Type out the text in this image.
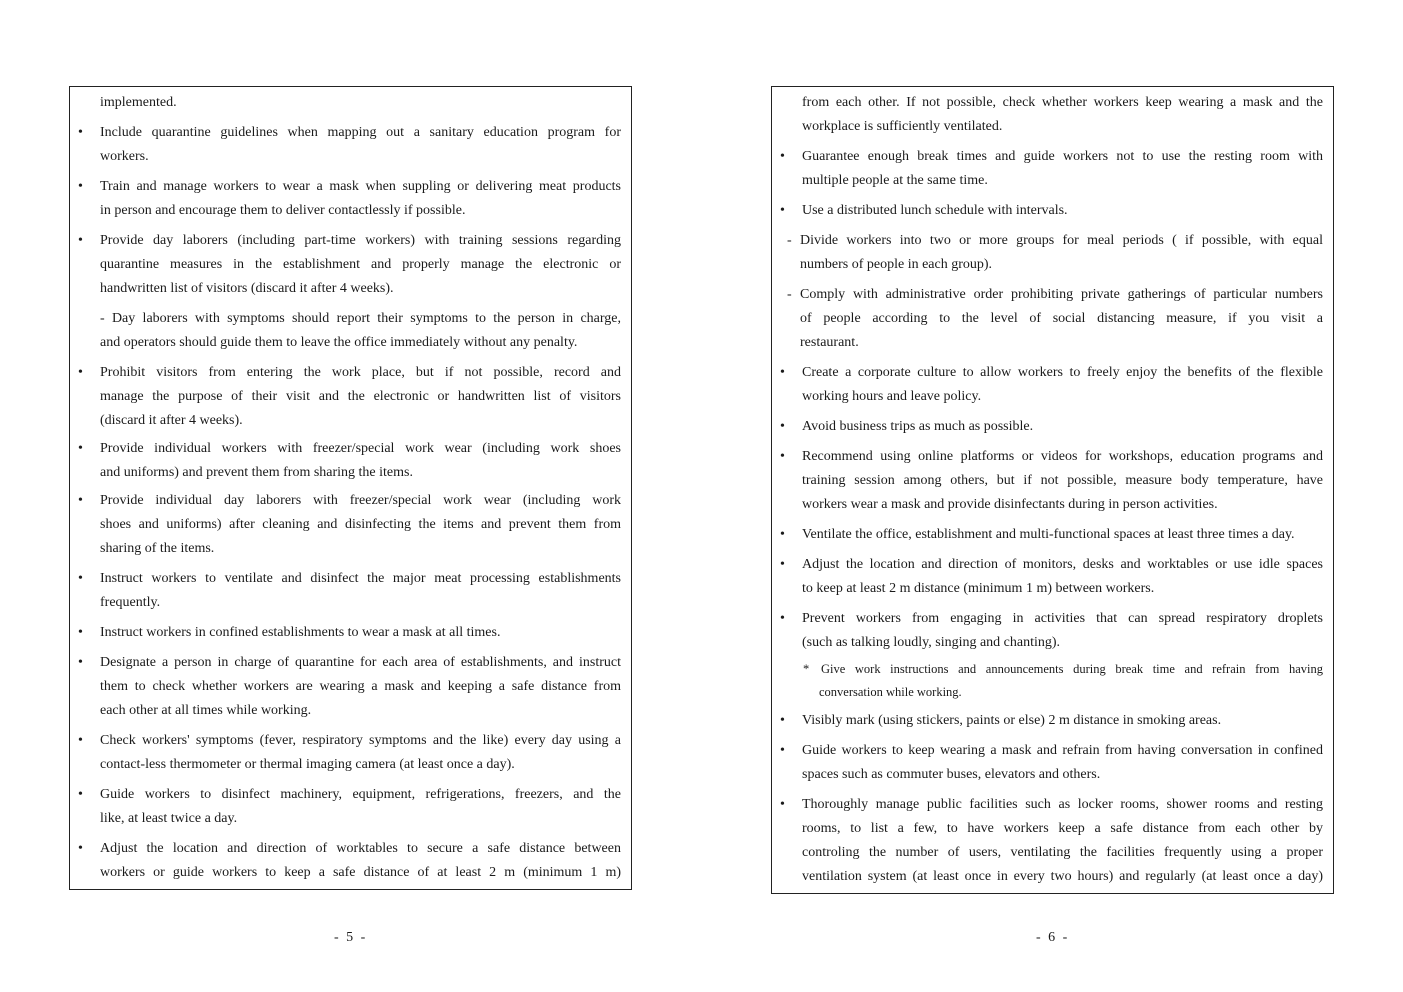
implemented.
• Include quarantine guidelines when mapping out a sanitary education program for
workers.
• Train and manage workers to wear a mask when suppling or delivering meat products
in person and encourage them to deliver contactlessly if possible.
• Provide day laborers (including part-time workers) with training sessions regarding
quarantine measures in the establishment and properly manage the electronic or
handwritten list of visitors (discard it after 4 weeks).
- Day laborers with symptoms should report their symptoms to the person in charge,
and operators should guide them to leave the office immediately without any penalty.
• Prohibit visitors from entering the work place, but if not possible, record and
manage the purpose of their visit and the electronic or handwritten list of visitors
(discard it after 4 weeks).
• Provide individual workers with freezer/special work wear (including work shoes
and uniforms) and prevent them from sharing the items.
• Provide individual day laborers with freezer/special work wear (including work
shoes and uniforms) after cleaning and disinfecting the items and prevent them from
sharing of the items.
• Instruct workers to ventilate and disinfect the major meat processing establishments
frequently.
• Instruct workers in confined establishments to wear a mask at all times.
• Designate a person in charge of quarantine for each area of establishments, and instruct
them to check whether workers are wearing a mask and keeping a safe distance from
each other at all times while working.
• Check workers' symptoms (fever, respiratory symptoms and the like) every day using a
contact-less thermometer or thermal imaging camera (at least once a day).
• Guide workers to disinfect machinery, equipment, refrigerations, freezers, and the
like, at least twice a day.
• Adjust the location and direction of worktables to secure a safe distance between
workers or guide workers to keep a safe distance of at least 2 m (minimum 1 m)
from each other. If not possible, check whether workers keep wearing a mask and the
workplace is sufficiently ventilated.
• Guarantee enough break times and guide workers not to use the resting room with
multiple people at the same time.
• Use a distributed lunch schedule with intervals.
- Divide workers into two or more groups for meal periods ( if possible, with equal
numbers of people in each group).
- Comply with administrative order prohibiting private gatherings of particular numbers
of people according to the level of social distancing measure, if you visit a
restaurant.
• Create a corporate culture to allow workers to freely enjoy the benefits of the flexible
working hours and leave policy.
• Avoid business trips as much as possible.
• Recommend using online platforms or videos for workshops, education programs and
training session among others, but if not possible, measure body temperature, have
workers wear a mask and provide disinfectants during in person activities.
• Ventilate the office, establishment and multi-functional spaces at least three times a day.
• Adjust the location and direction of monitors, desks and worktables or use idle spaces
to keep at least 2 m distance (minimum 1 m) between workers.
• Prevent workers from engaging in activities that can spread respiratory droplets
(such as talking loudly, singing and chanting).
* Give work instructions and announcements during break time and refrain from having
conversation while working.
• Visibly mark (using stickers, paints or else) 2 m distance in smoking areas.
• Guide workers to keep wearing a mask and refrain from having conversation in confined
spaces such as commuter buses, elevators and others.
• Thoroughly manage public facilities such as locker rooms, shower rooms and resting
rooms, to list a few, to have workers keep a safe distance from each other by
controling the number of users, ventilating the facilities frequently using a proper
ventilation system (at least once in every two hours) and regularly (at least once a day)
- 5 -	- 6 -
